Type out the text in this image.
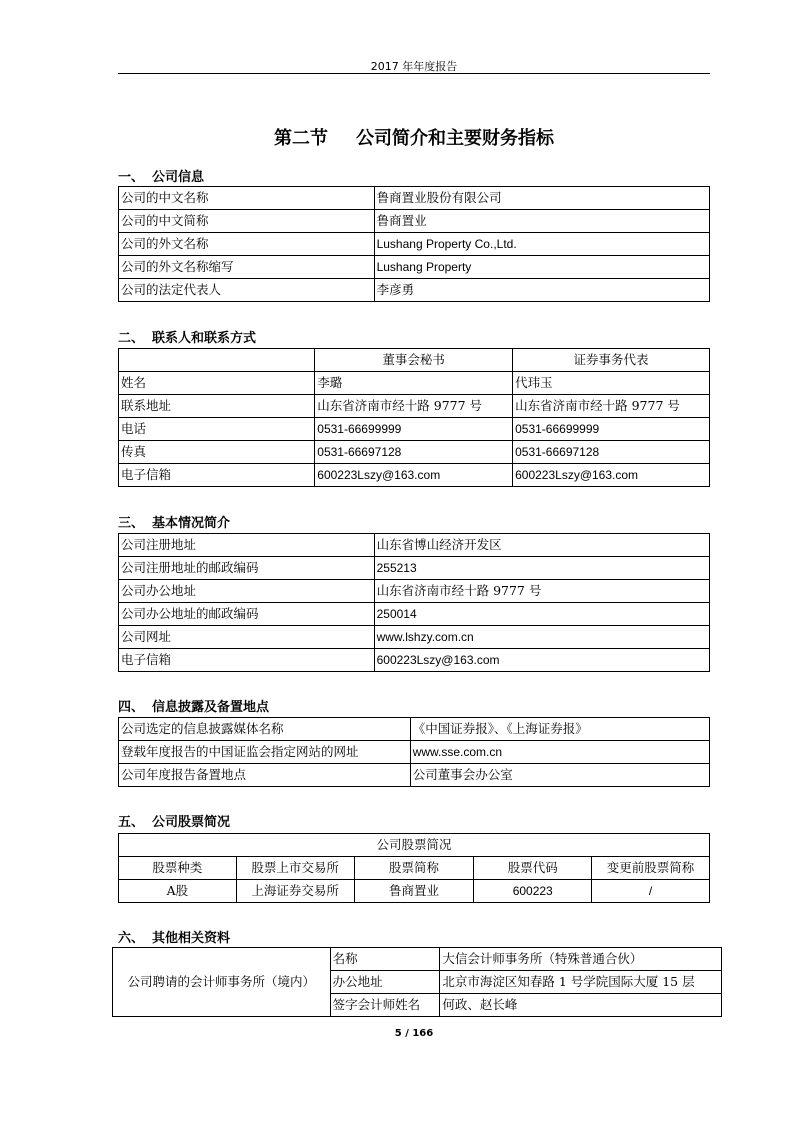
2017 年年度报告
第二节 公司简介和主要财务指标
一、 公司信息
公司的中文名称	鲁商置业股份有限公司
公司的中文简称	鲁商置业
公司的外文名称	Lushang Property Co.,Ltd.
公司的外文名称缩写	Lushang Property
公司的法定代表人	李彦勇
二、 联系人和联系方式
	董事会秘书	证券事务代表
姓名	李璐	代玮玉
联系地址	山东省济南市经十路 9777 号	山东省济南市经十路 9777 号
电话	0531-66699999	0531-66699999
传真	0531-66697128	0531-66697128
电子信箱	600223Lszy@163.com	600223Lszy@163.com
三、 基本情况简介
公司注册地址	山东省博山经济开发区
公司注册地址的邮政编码	255213
公司办公地址	山东省济南市经十路 9777 号
公司办公地址的邮政编码	250014
公司网址	www.lshzy.com.cn
电子信箱	600223Lszy@163.com
四、 信息披露及备置地点
公司选定的信息披露媒体名称	《中国证券报》、《上海证券报》
登载年度报告的中国证监会指定网站的网址	www.sse.com.cn
公司年度报告备置地点	公司董事会办公室
五、 公司股票简况
公司股票简况				
股票种类	股票上市交易所	股票简称	股票代码	变更前股票简称
A股	上海证券交易所	鲁商置业	600223	/
六、 其他相关资料
公司聘请的会计师事务所（境内）	名称	大信会计师事务所（特殊普通合伙）
	办公地址	北京市海淀区知春路 1 号学院国际大厦 15 层
	签字会计师姓名	何政、赵长峰
5 / 166
